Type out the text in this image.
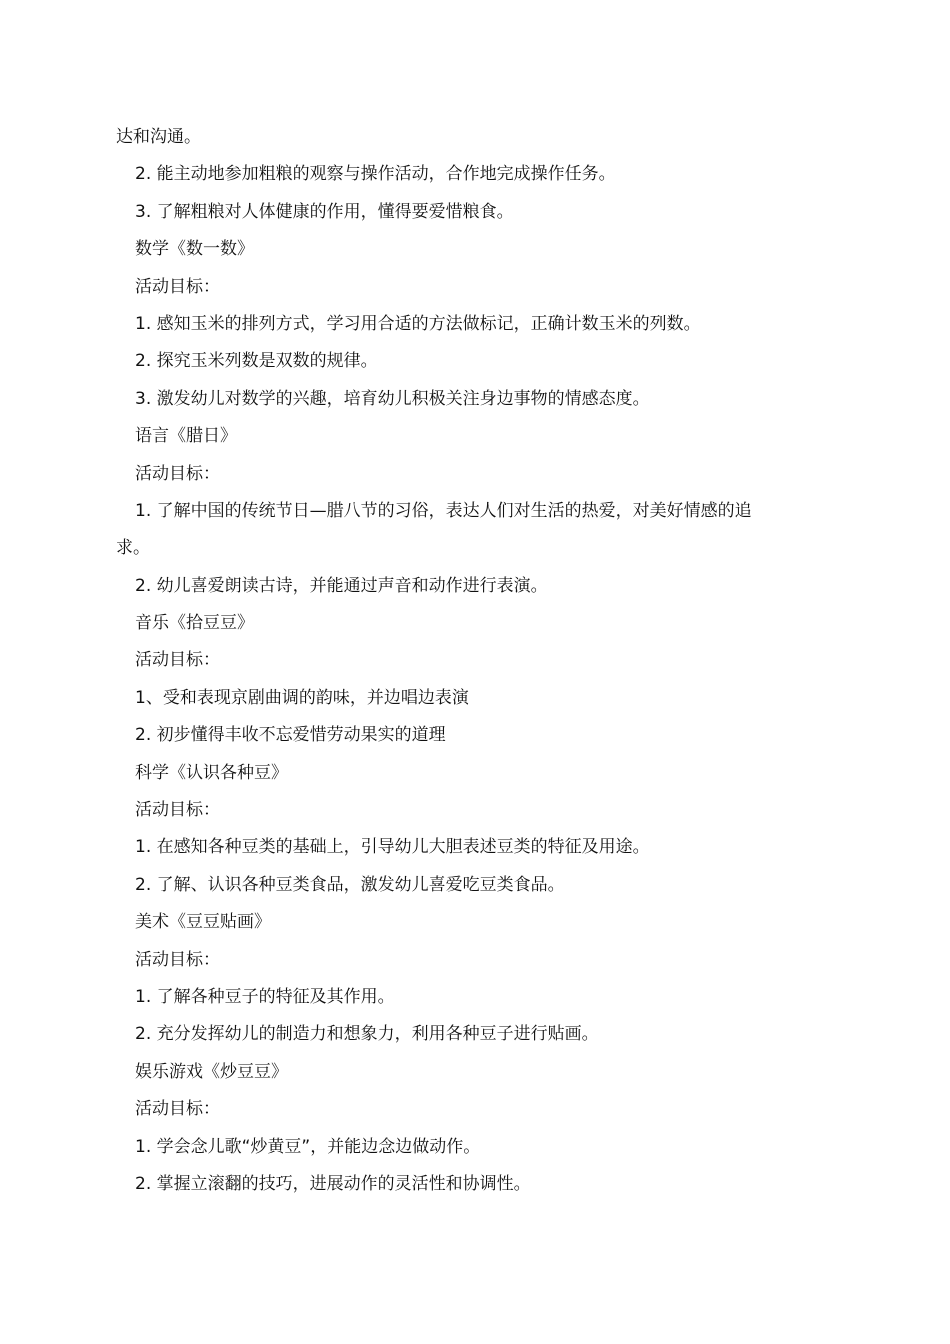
达和沟通。

2. 能主动地参加粗粮的观察与操作活动，合作地完成操作任务。

3. 了解粗粮对人体健康的作用，懂得要爱惜粮食。

数学《数一数》

活动目标：

1. 感知玉米的排列方式，学习用合适的方法做标记，正确计数玉米的列数。

2. 探究玉米列数是双数的规律。

3. 激发幼儿对数学的兴趣，培育幼儿积极关注身边事物的情感态度。

语言《腊日》

活动目标：

1. 了解中国的传统节日—腊八节的习俗，表达人们对生活的热爱，对美好情感的追

求。

2. 幼儿喜爱朗读古诗，并能通过声音和动作进行表演。

音乐《拾豆豆》

活动目标：

1、受和表现京剧曲调的韵味，并边唱边表演

2. 初步懂得丰收不忘爱惜劳动果实的道理

科学《认识各种豆》

活动目标：

1. 在感知各种豆类的基础上，引导幼儿大胆表述豆类的特征及用途。

2. 了解、认识各种豆类食品，激发幼儿喜爱吃豆类食品。

美术《豆豆贴画》

活动目标：

1. 了解各种豆子的特征及其作用。

2. 充分发挥幼儿的制造力和想象力，利用各种豆子进行贴画。

娱乐游戏《炒豆豆》

活动目标：

1. 学会念儿歌“炒黄豆”，并能边念边做动作。

2. 掌握立滚翻的技巧，进展动作的灵活性和协调性。
